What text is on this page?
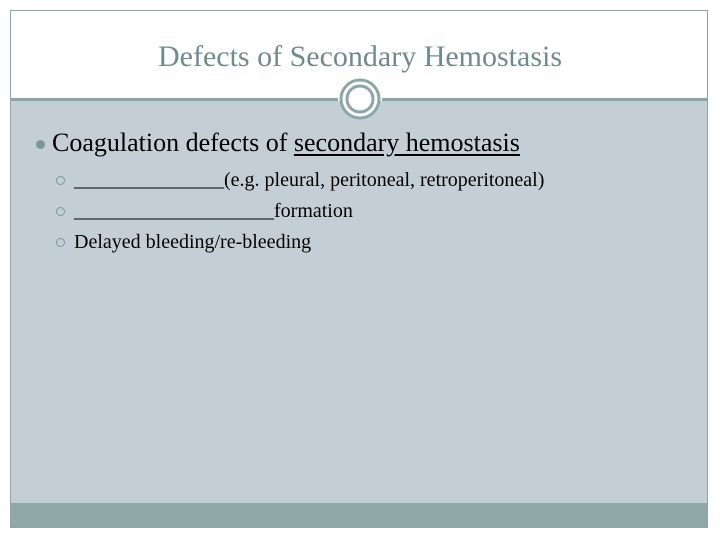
Defects of Secondary Hemostasis
Coagulation defects of secondary hemostasis
_______________(e.g. pleural, peritoneal, retroperitoneal)
____________________formation
Delayed bleeding/re-bleeding
